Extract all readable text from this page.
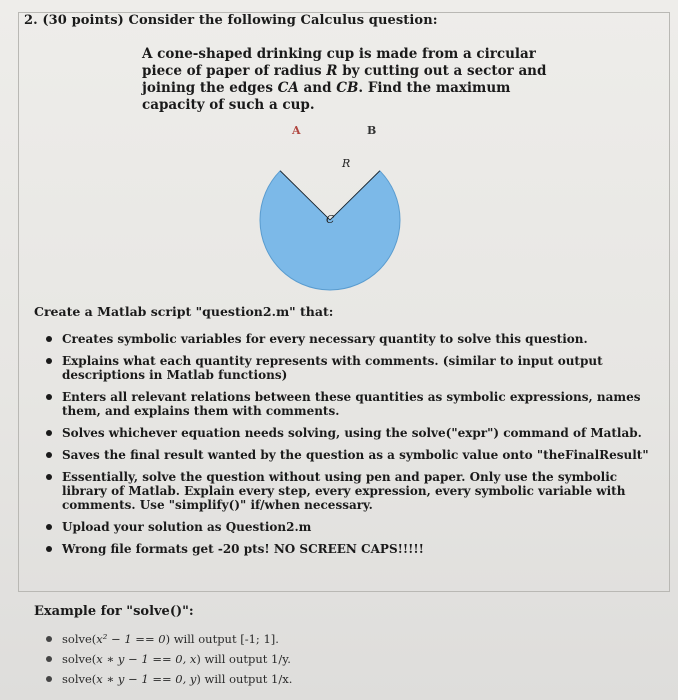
2. (30 points) Consider the following Calculus question:
A cone-shaped drinking cup is made from a circular piece of paper of radius R by cutting out a sector and joining the edges CA and CB. Find the maximum capacity of such a cup.
A	B
R
C
Create a Matlab script "question2.m" that:
Creates symbolic variables for every necessary quantity to solve this question.
Explains what each quantity represents with comments. (similar to input output descriptions in Matlab functions)
Enters all relevant relations between these quantities as symbolic expressions, names them, and explains them with comments.
Solves whichever equation needs solving, using the solve("expr") command of Matlab.
Saves the final result wanted by the question as a symbolic value onto "theFinalResult"
Essentially, solve the question without using pen and paper. Only use the symbolic library of Matlab. Explain every step, every expression, every symbolic variable with comments. Use "simplify()" if/when necessary.
Upload your solution as Question2.m
Wrong file formats get -20 pts! NO SCREEN CAPS!!!!!
Example for "solve()":
solve(x² − 1 == 0) will output [-1; 1].
solve(x ∗ y − 1 == 0, x) will output 1/y.
solve(x ∗ y − 1 == 0, y) will output 1/x.
